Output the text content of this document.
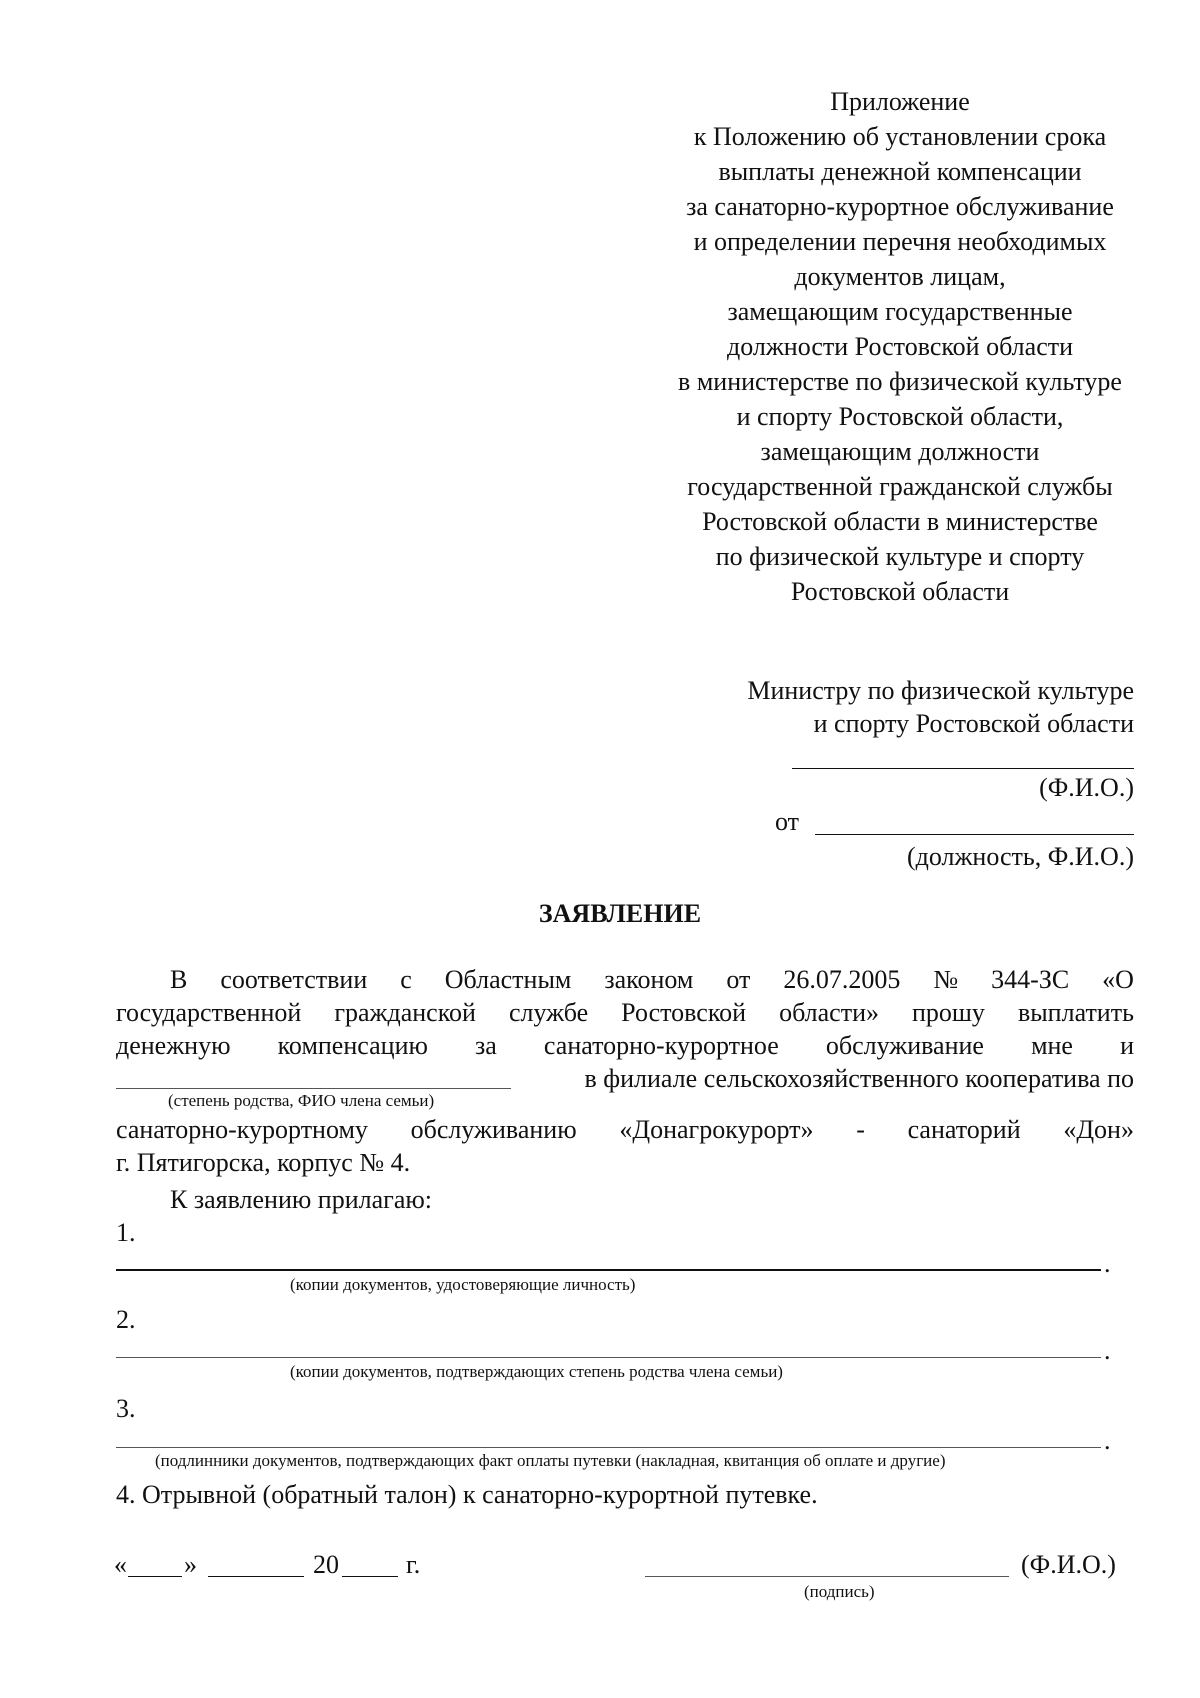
Приложение
к Положению об установлении срока
выплаты денежной компенсации
за санаторно-курортное обслуживание
и определении перечня необходимых
документов лицам,
замещающим государственные
должности Ростовской области
в министерстве по физической культуре
и спорту Ростовской области,
замещающим должности
государственной гражданской службы
Ростовской области в министерстве
по физической культуре и спорту
Ростовской области
Министру по физической культуре
и спорту Ростовской области
(Ф.И.О.)
от
(должность, Ф.И.О.)
ЗАЯВЛЕНИЕ
В соответствии с Областным законом от 26.07.2005 № 344-ЗС «О
государственной гражданской службе Ростовской области» прошу выплатить
денежную компенсацию за санаторно-курортное обслуживание мне и
в филиале сельскохозяйственного кооператива по
(степень родства, ФИО члена семьи)
санаторно-курортному обслуживанию «Донагрокурорт» - санаторий «Дон»
г. Пятигорска, корпус № 4.
К заявлению прилагаю:
1.
.
(копии документов, удостоверяющие личность)
2.
.
(копии документов, подтверждающих степень родства члена семьи)
3.
.
(подлинники документов, подтверждающих факт оплаты путевки (накладная, квитанция об оплате и другие)
4. Отрывной (обратный талон) к санаторно-курортной путевке.
« »	20	г.	(Ф.И.О.)
(подпись)
